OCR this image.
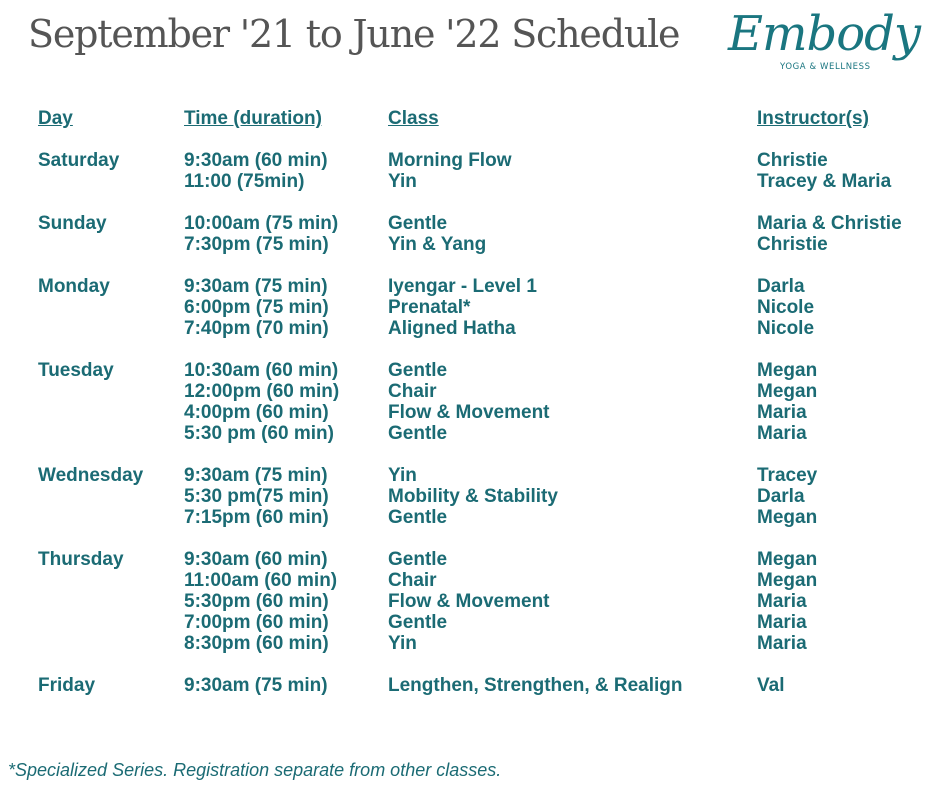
September '21 to June '22 Schedule Embody
YOGA & WELLNESS
Day	Time (duration)	Class	Instructor(s)
Saturday	9:30am (60 min)	Morning Flow	Christie
11:00 (75min)	Yin	Tracey & Maria
Sunday	10:00am (75 min)	Gentle	Maria & Christie
7:30pm (75 min)	Yin & Yang	Christie
Monday	9:30am (75 min)	Iyengar - Level 1	Darla
6:00pm (75 min)	Prenatal*	Nicole
7:40pm (70 min)	Aligned Hatha	Nicole
Tuesday	10:30am (60 min)	Gentle	Megan
12:00pm (60 min)	Chair	Megan
4:00pm (60 min)	Flow & Movement	Maria
5:30 pm (60 min)	Gentle	Maria
Wednesday 9:30am (75 min)	Yin	Tracey
5:30 pm(75 min)	Mobility & Stability	Darla
7:15pm (60 min)	Gentle	Megan
Thursday	9:30am (60 min)	Gentle	Megan
11:00am (60 min)	Chair	Megan
5:30pm (60 min)	Flow & Movement	Maria
7:00pm (60 min)	Gentle	Maria
8:30pm (60 min)	Yin	Maria
Friday	9:30am (75 min)	Lengthen, Strengthen, & Realign	Val
*Specialized Series. Registration separate from other classes.
